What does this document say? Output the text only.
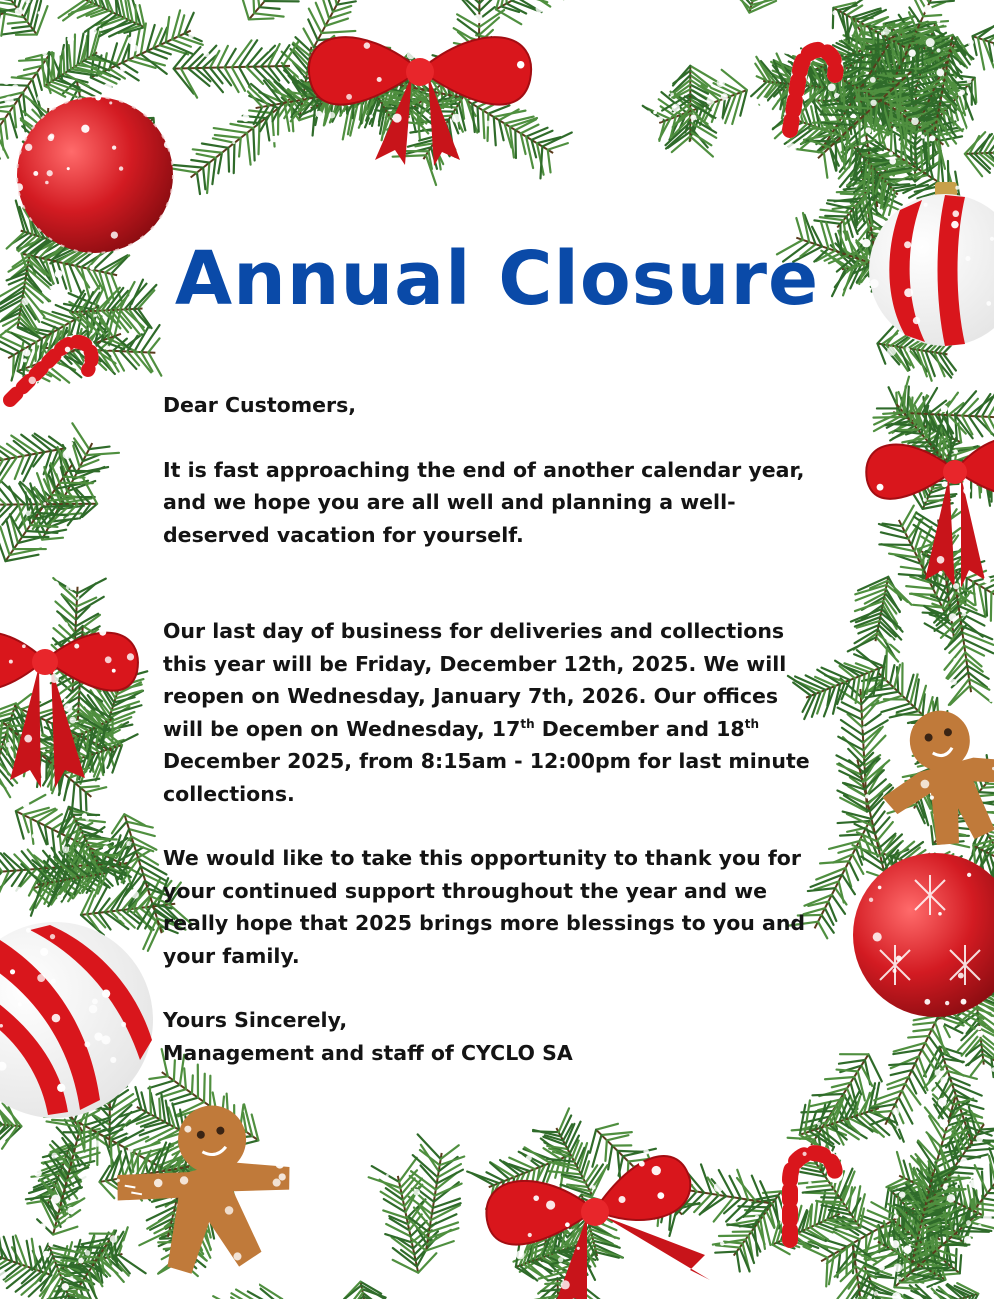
Annual Closure

Dear Customers,

It is fast approaching the end of another calendar year,

and we hope you are all well and planning a well-

deserved vacation for yourself.

Our last day of business for deliveries and collections

this year will be Friday, December 12th, 2025. We will

reopen on Wednesday, January 7th, 2026. Our offices

will be open on Wednesday, 17th December and 18th

December 2025, from 8:15am - 12:00pm for last minute

collections.

We would like to take this opportunity to thank you for

your continued support throughout the year and we

really hope that 2025 brings more blessings to you and

your family.

Yours Sincerely,

Management and staff of CYCLO SA
